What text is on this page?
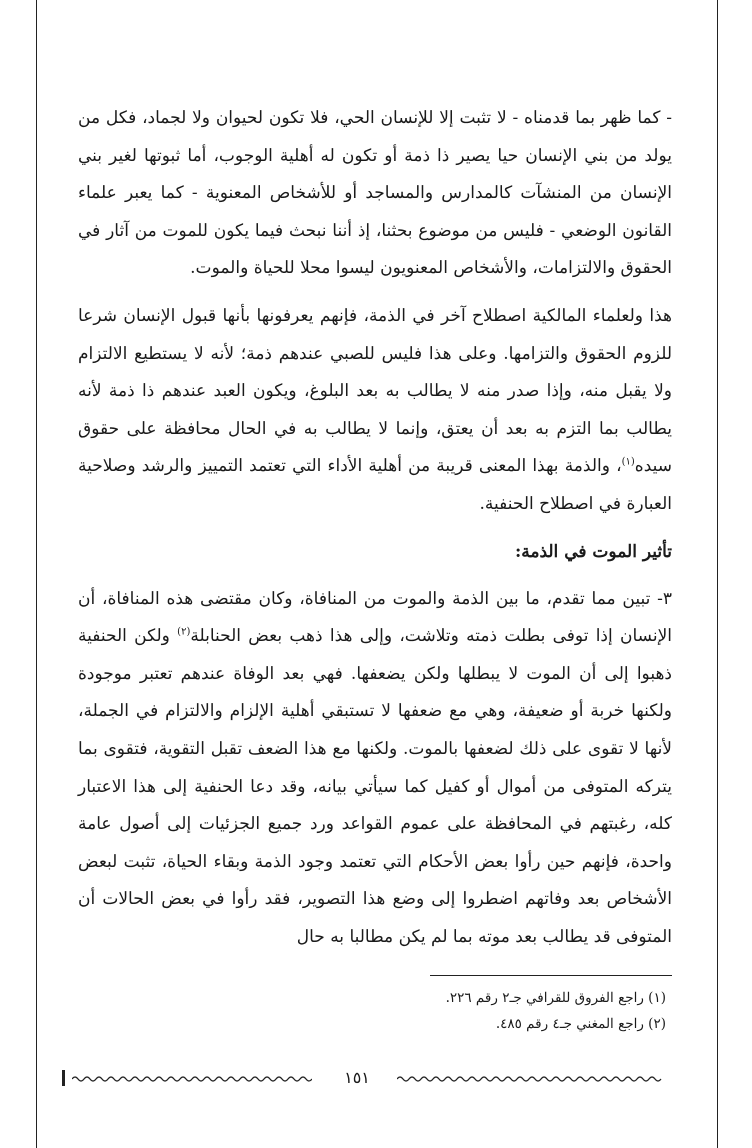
- كما ظهر بما قدمناه - لا تثبت إلا للإنسان الحي، فلا تكون لحيوان ولا لجماد، فكل من يولد من بني الإنسان حيا يصير ذا ذمة أو تكون له أهلية الوجوب، أما ثبوتها لغير بني الإنسان من المنشآت كالمدارس والمساجد أو للأشخاص المعنوية - كما يعبر علماء القانون الوضعي - فليس من موضوع بحثنا، إذ أننا نبحث فيما يكون للموت من آثار في الحقوق والالتزامات، والأشخاص المعنويون ليسوا محلا للحياة والموت.

هذا ولعلماء المالكية اصطلاح آخر في الذمة، فإنهم يعرفونها بأنها قبول الإنسان شرعا للزوم الحقوق والتزامها. وعلى هذا فليس للصبي عندهم ذمة؛ لأنه لا يستطيع الالتزام ولا يقبل منه، وإذا صدر منه لا يطالب به بعد البلوغ، ويكون العبد عندهم ذا ذمة لأنه يطالب بما التزم به بعد أن يعتق، وإنما لا يطالب به في الحال محافظة على حقوق سيده$^{(١)}$، والذمة بهذا المعنى قريبة من أهلية الأداء التي تعتمد التمييز والرشد وصلاحية العبارة في اصطلاح الحنفية.

تأثير الموت في الذمة:

٣- تبين مما تقدم، ما بين الذمة والموت من المنافاة، وكان مقتضى هذه المنافاة، أن الإنسان إذا توفى بطلت ذمته وتلاشت، وإلى هذا ذهب بعض الحنابلة$^{(٢)}$ ولكن الحنفية ذهبوا إلى أن الموت لا يبطلها ولكن يضعفها. فهي بعد الوفاة عندهم تعتبر موجودة ولكنها خربة أو ضعيفة، وهي مع ضعفها لا تستبقي أهلية الإلزام والالتزام في الجملة، لأنها لا تقوى على ذلك لضعفها بالموت. ولكنها مع هذا الضعف تقبل التقوية، فتقوى بما يتركه المتوفى من أموال أو كفيل كما سيأتي بيانه، وقد دعا الحنفية إلى هذا الاعتبار كله، رغبتهم في المحافظة على عموم القواعد ورد جميع الجزئيات إلى أصول عامة واحدة، فإنهم حين رأوا بعض الأحكام التي تعتمد وجود الذمة وبقاء الحياة، تثبت لبعض الأشخاص بعد وفاتهم اضطروا إلى وضع هذا التصوير، فقد رأوا في بعض الحالات أن المتوفى قد يطالب بعد موته بما لم يكن مطالبا به حال

(١) راجع الفروق للقرافي جـ٢ رقم ٢٢٦.

(٢) راجع المغني جـ٤ رقم ٤٨٥.

١٥١
